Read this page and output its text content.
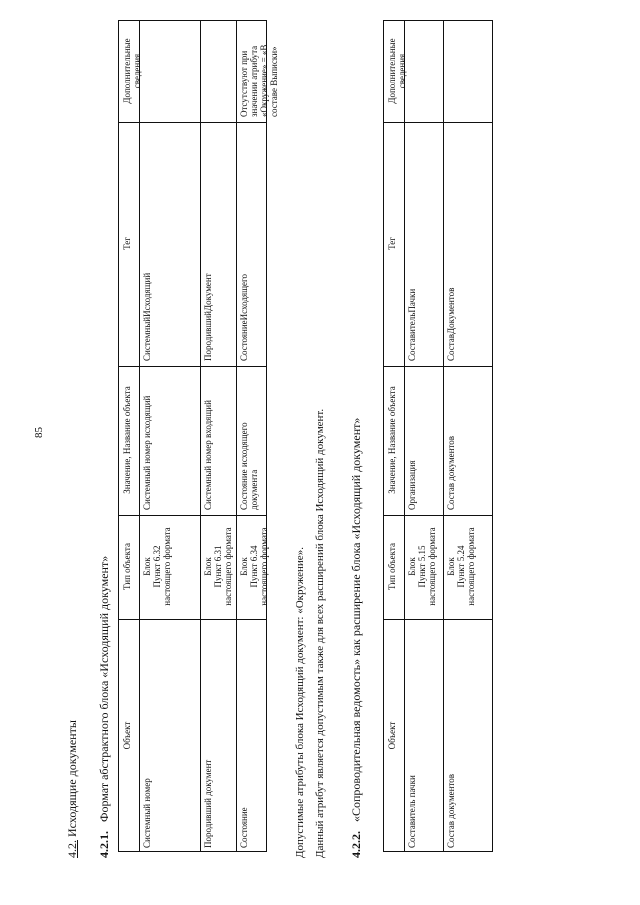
85
4.2. Исходящие документы
4.2.1.   Формат абстрактного блока «Исходящий документ»	Объект
Тип объекта
Значение, Название объекта
Тег
Дополнительные сведения
Системный номер
Блок
Пункт 6.32
настоящего формата
Системный номер исходящий
СистемныйИсходящий
Породивший документ
Блок
Пункт 6.31
настоящего формата
Системный номер входящий
ПородившийДокумент
Состояние
Блок
Пункт 6.34
настоящего формата
Состояние исходящего
документа
СостояниеИсходящего
Отсутствуют при значении атрибута
«Окружение» = «В составе Выписки»
Допустимые атрибуты блока Исходящий документ: «Окружение». Данный атрибут является допустимым также для всех расширений блока Исходящий документ. 4.2.2.   «Сопроводительная ведомость» как расширение блока «Исходящий документ»	Объект
Тип объекта
Значение, Название объекта
Тег
Дополнительные сведения
Составитель пачки
Блок
Пункт 5.15
настоящего формата
Организация
СоставительПачки
Состав документов
Блок
Пункт 5.24
настоящего формата
Состав документов
СоставДокументов
